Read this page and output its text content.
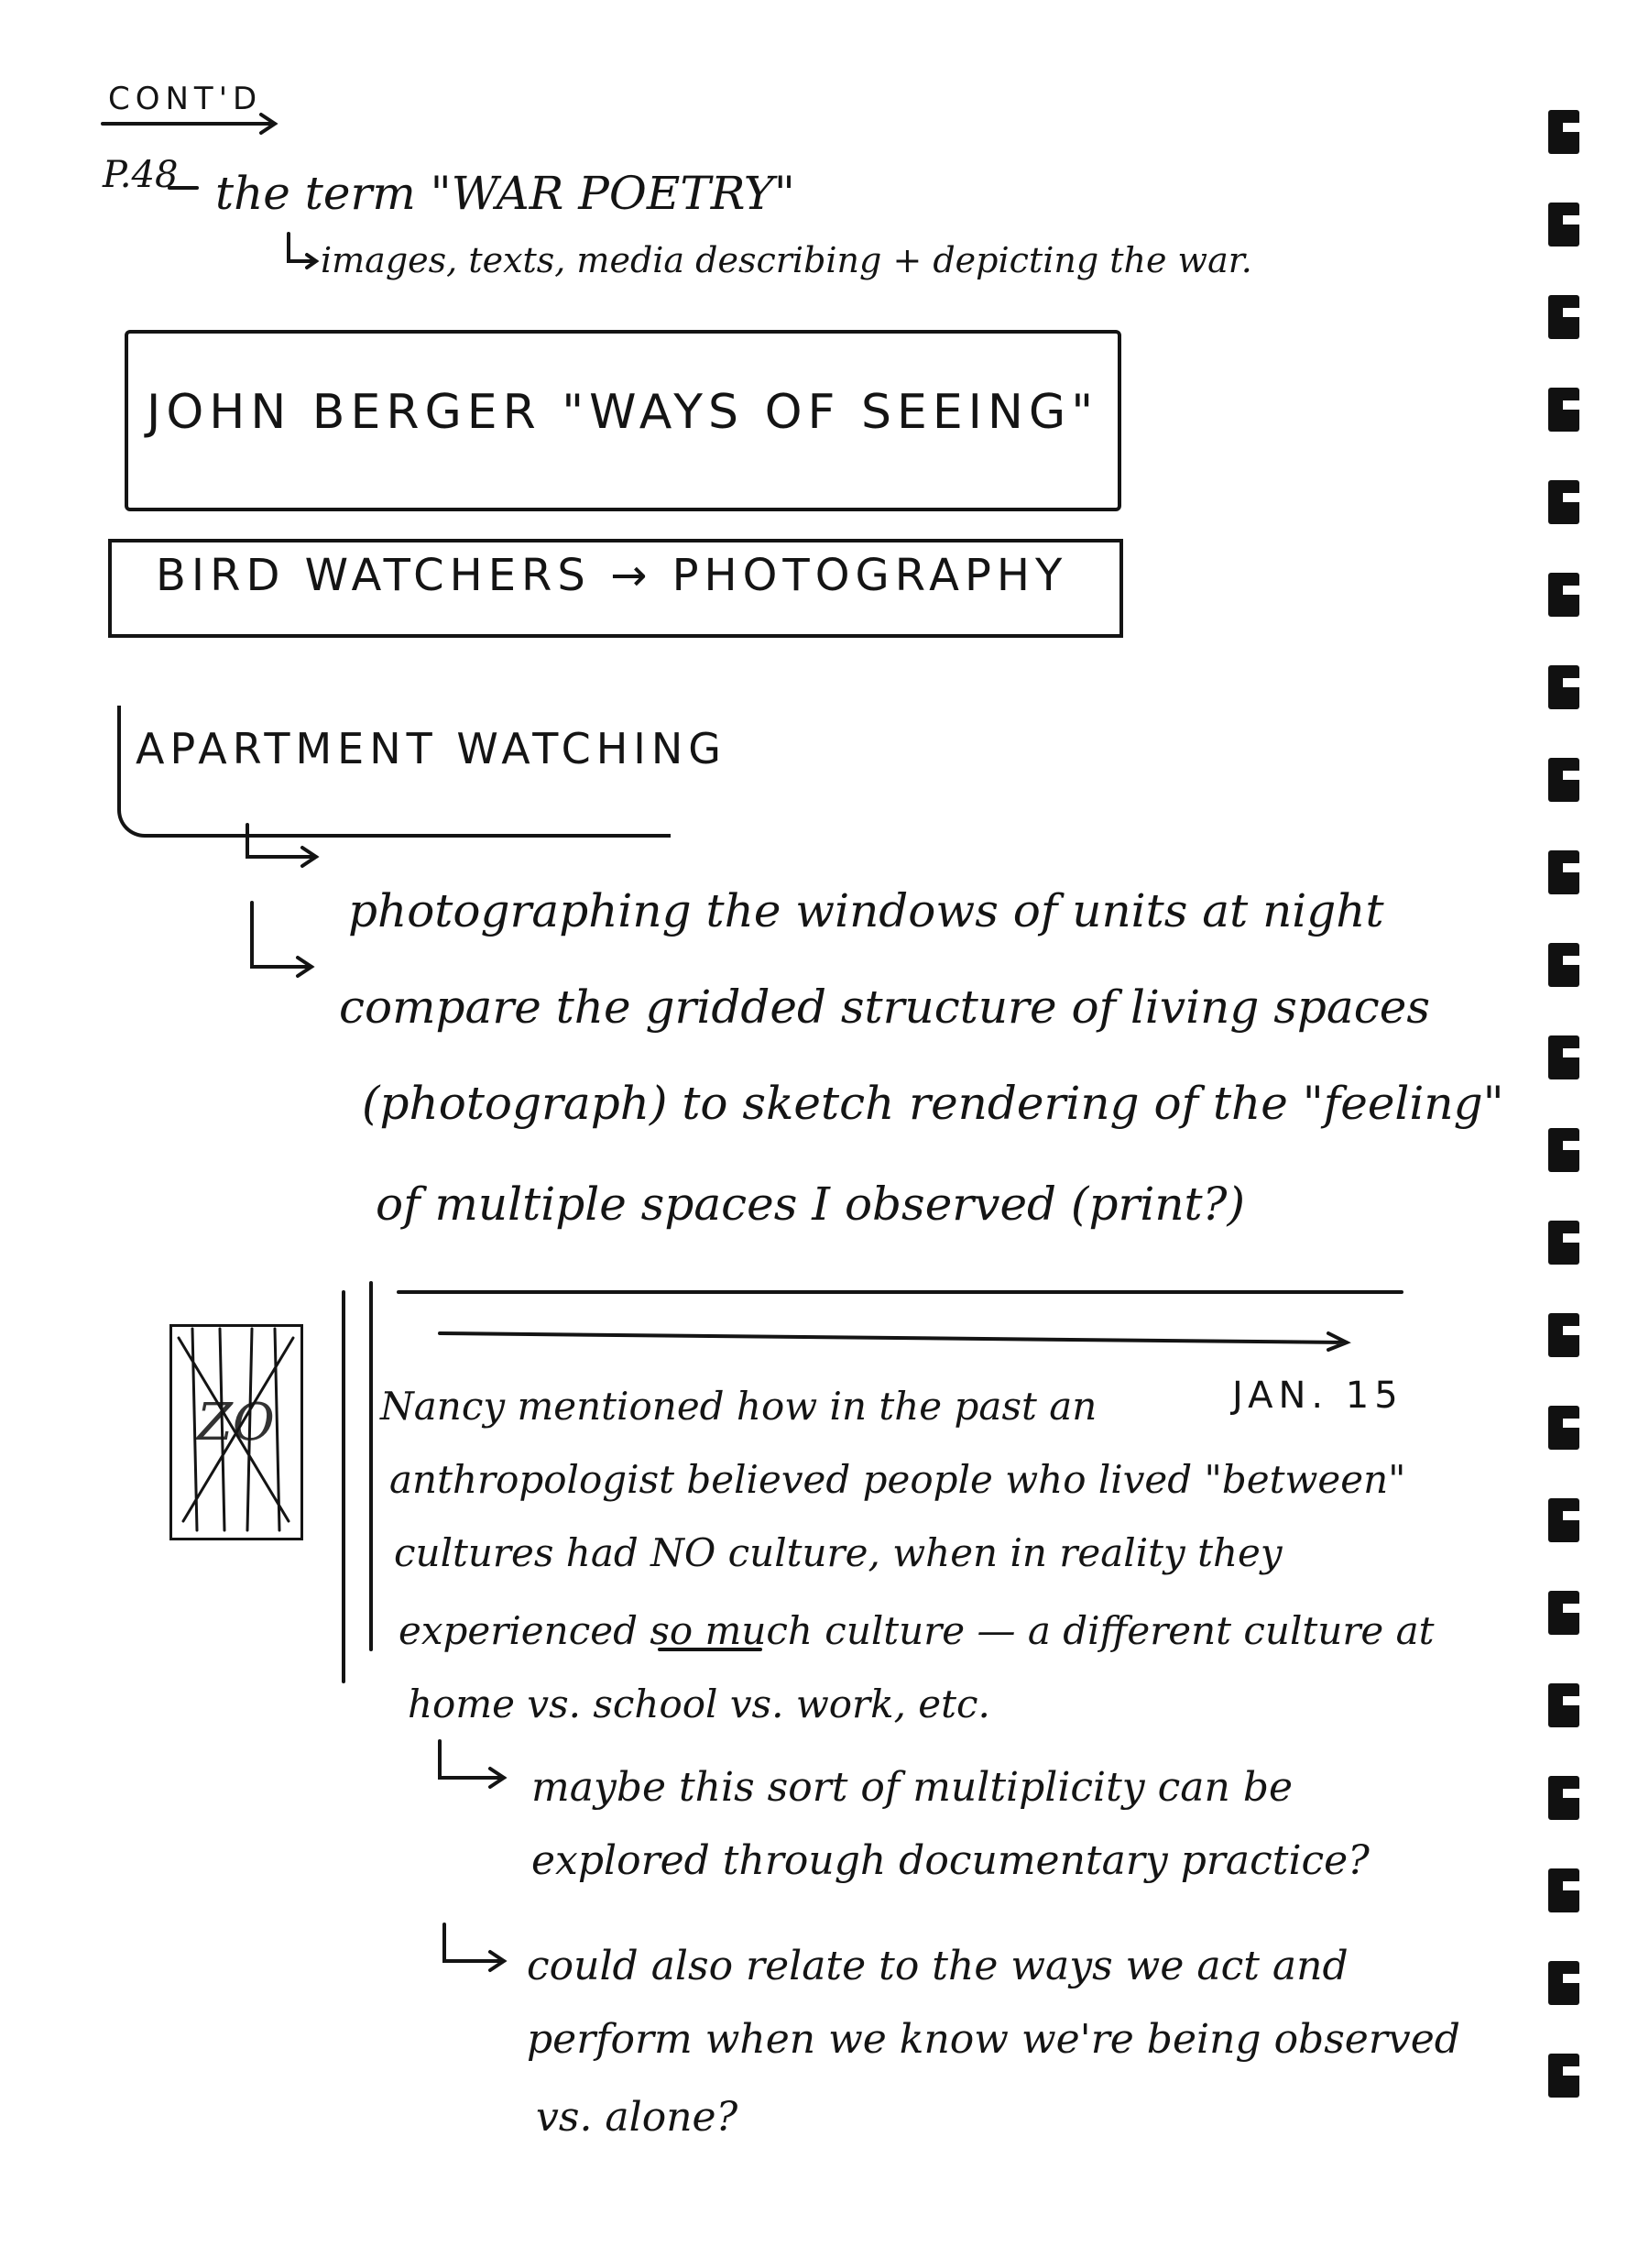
CONT'D
P.48 the term "WAR POETRY"
images, texts, media describing + depicting the war.
JOHN BERGER "WAYS OF SEEING"
BIRD WATCHERS → PHOTOGRAPHY
APARTMENT WATCHING
photographing the windows of units at night
compare the gridded structure of living spaces
(photograph) to sketch rendering of the "feeling"
of multiple spaces I observed (print?)
ZO	JAN. 15
Nancy mentioned how in the past an
anthropologist believed people who lived "between"
cultures had NO culture, when in reality they
experienced so much culture — a different culture at
home vs. school vs. work, etc.
maybe this sort of multiplicity can be
explored through documentary practice?
could also relate to the ways we act and
perform when we know we're being observed
vs. alone?
